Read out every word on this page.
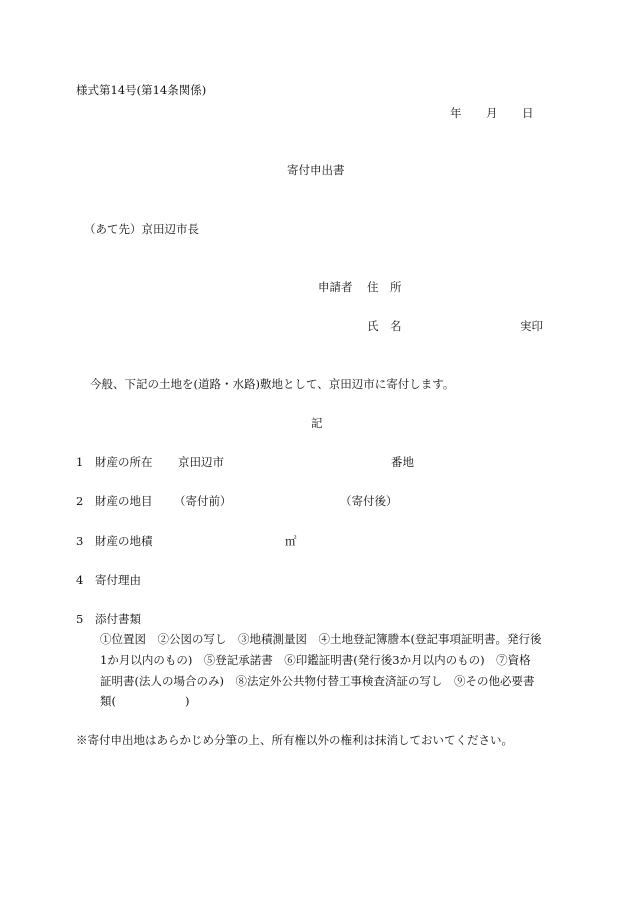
様式第14号(第14条関係)
年 月 日
寄付申出書
（あて先）京田辺市長
申請者 住　所
氏　名	実印
今般、下記の土地を(道路・水路)敷地として、京田辺市に寄付します。
記
1 財産の所在 京田辺市	番地
2 財産の地目 （寄付前）	（寄付後）
3 財産の地積	㎡
4 寄付理由
5 添付書類
①位置図　②公図の写し　③地積測量図　④土地登記簿謄本(登記事項証明書。発行後
1か月以内のもの)　⑤登記承諾書　⑥印鑑証明書(発行後3か月以内のもの)　⑦資格
証明書(法人の場合のみ)　⑧法定外公共物付替工事検査済証の写し　⑨その他必要書
類(　　　　　　)
※寄付申出地はあらかじめ分筆の上、所有権以外の権利は抹消しておいてください。
